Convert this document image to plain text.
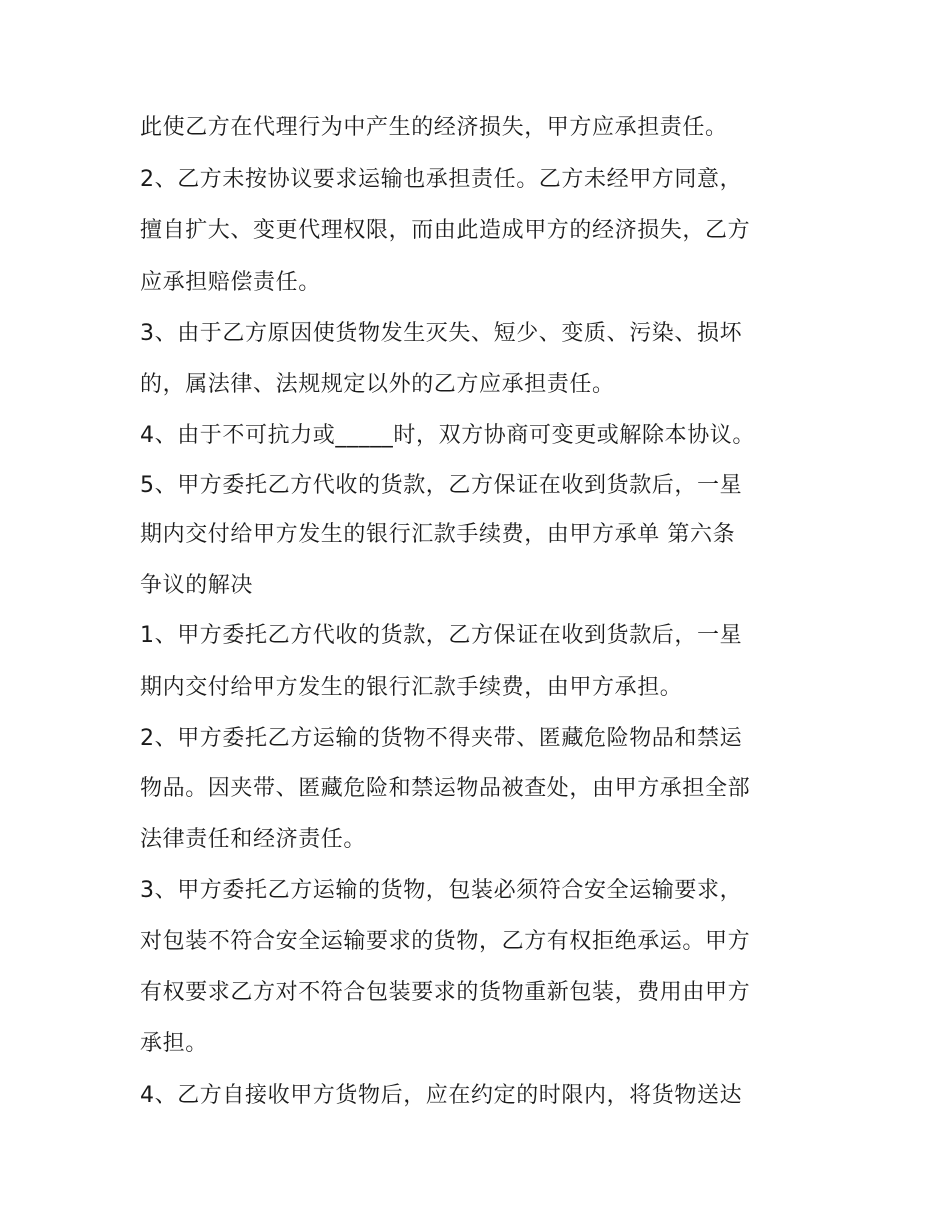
此使乙方在代理行为中产生的经济损失，甲方应承担责任。
2、乙方未按协议要求运输也承担责任。乙方未经甲方同意，
擅自扩大、变更代理权限，而由此造成甲方的经济损失，乙方
应承担赔偿责任。
3、由于乙方原因使货物发生灭失、短少、变质、污染、损坏
的，属法律、法规规定以外的乙方应承担责任。
4、由于不可抗力或_____时，双方协商可变更或解除本协议。
5、甲方委托乙方代收的货款，乙方保证在收到货款后，一星
期内交付给甲方发生的银行汇款手续费，由甲方承单 第六条
争议的解决
1、甲方委托乙方代收的货款，乙方保证在收到货款后，一星
期内交付给甲方发生的银行汇款手续费，由甲方承担。
2、甲方委托乙方运输的货物不得夹带、匿藏危险物品和禁运
物品。因夹带、匿藏危险和禁运物品被查处，由甲方承担全部
法律责任和经济责任。
3、甲方委托乙方运输的货物，包装必须符合安全运输要求，
对包装不符合安全运输要求的货物，乙方有权拒绝承运。甲方
有权要求乙方对不符合包装要求的货物重新包装，费用由甲方
承担。
4、乙方自接收甲方货物后，应在约定的时限内，将货物送达
